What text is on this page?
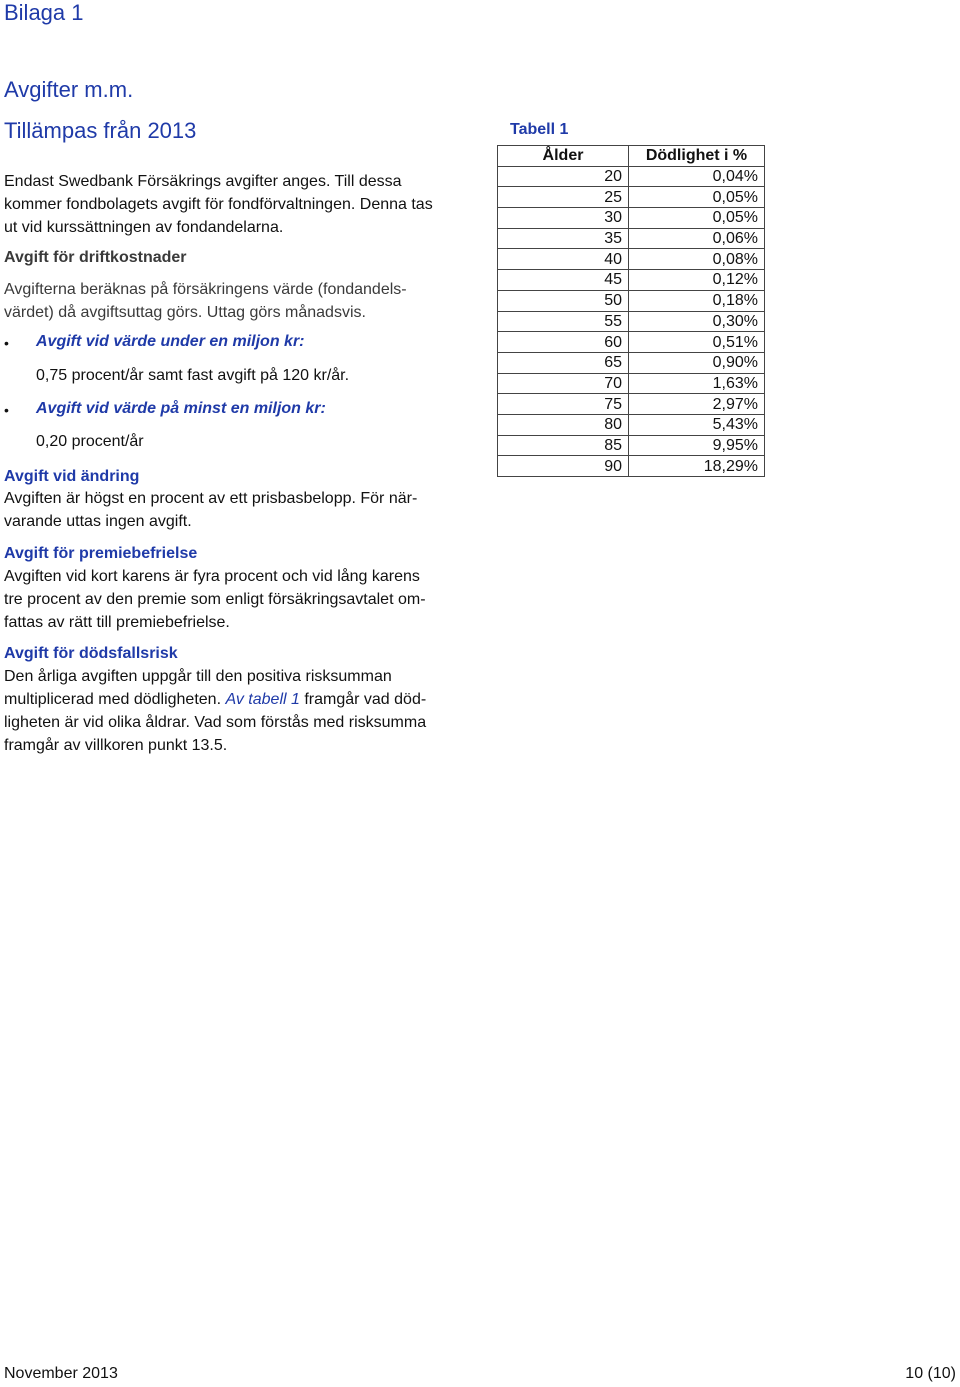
Bilaga 1
Avgifter m.m.
Tillämpas från 2013
Endast Swedbank Försäkrings avgifter anges. Till dessa
kommer fondbolagets avgift för fondförvaltningen. Denna tas
ut vid kurssättningen av fondandelarna.
Avgift för driftkostnader
Avgifterna beräknas på försäkringens värde (fondandels-
värdet) då avgiftsuttag görs. Uttag görs månadsvis.
• Avgift vid värde under en miljon kr:
0,75 procent/år samt fast avgift på 120 kr/år.
• Avgift vid värde på minst en miljon kr:
0,20 procent/år
Avgift vid ändring
Avgiften är högst en procent av ett prisbasbelopp. För när-
varande uttas ingen avgift.
Avgift för premiebefrielse
Avgiften vid kort karens är fyra procent och vid lång karens
tre procent av den premie som enligt försäkringsavtalet om-
fattas av rätt till premiebefrielse.
Avgift för dödsfallsrisk
Den årliga avgiften uppgår till den positiva risksumman
multiplicerad med dödligheten. Av tabell 1 framgår vad död-
ligheten är vid olika åldrar. Vad som förstås med risksumma
framgår av villkoren punkt 13.5.
Tabell 1
Ålder	Dödlighet i %
20	0,04%
25	0,05%
30	0,05%
35	0,06%
40	0,08%
45	0,12%
50	0,18%
55	0,30%
60	0,51%
65	0,90%
70	1,63%
75	2,97%
80	5,43%
85	9,95%
90	18,29%
November 2013	10 (10)
